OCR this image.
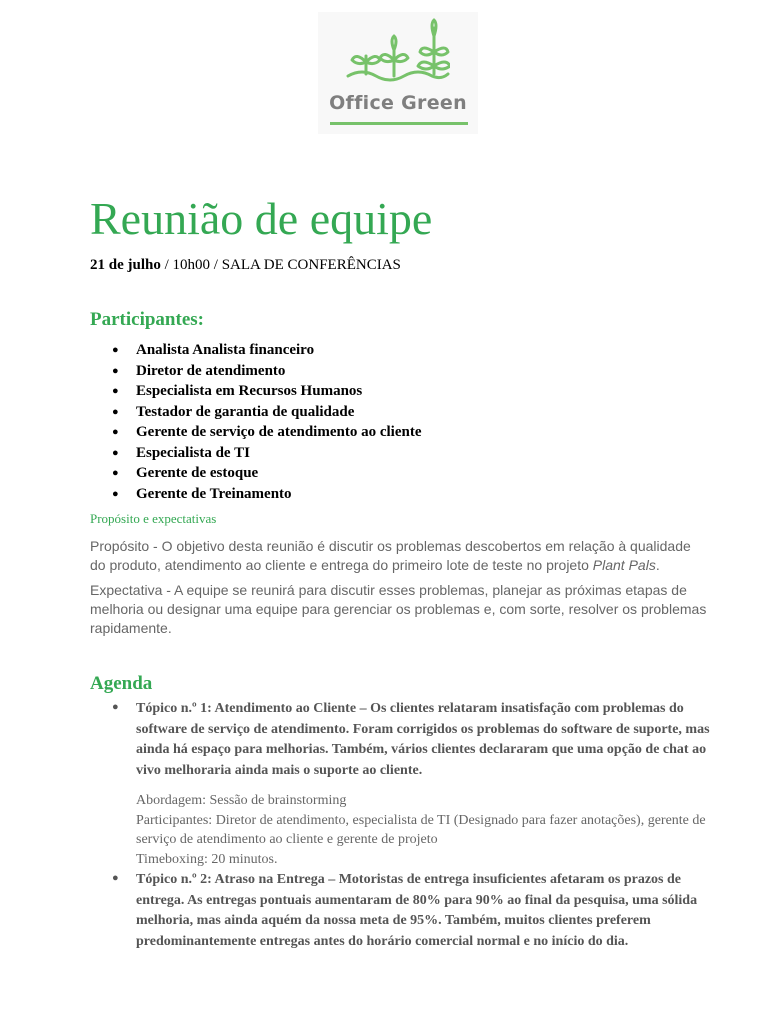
Office Green
Reunião de equipe
21 de julho / 10h00 / SALA DE CONFERÊNCIAS
Participantes:
● Analista Analista financeiro
● Diretor de atendimento
● Especialista em Recursos Humanos
● Testador de garantia de qualidade
● Gerente de serviço de atendimento ao cliente
● Especialista de TI
● Gerente de estoque
● Gerente de Treinamento
Propósito e expectativas
Propósito - O objetivo desta reunião é discutir os problemas descobertos em relação à qualidade do produto, atendimento ao cliente e entrega do primeiro lote de teste no projeto Plant Pals.
Expectativa - A equipe se reunirá para discutir esses problemas, planejar as próximas etapas de melhoria ou designar uma equipe para gerenciar os problemas e, com sorte, resolver os problemas rapidamente.
Agenda
● Tópico n.º 1: Atendimento ao Cliente – Os clientes relataram insatisfação com problemas do software de serviço de atendimento. Foram corrigidos os problemas do software de suporte, mas ainda há espaço para melhorias. Também, vários clientes declararam que uma opção de chat ao vivo melhoraria ainda mais o suporte ao cliente.
Abordagem: Sessão de brainstorming
Participantes: Diretor de atendimento, especialista de TI (Designado para fazer anotações), gerente de serviço de atendimento ao cliente e gerente de projeto
Timeboxing: 20 minutos.
● Tópico n.º 2: Atraso na Entrega – Motoristas de entrega insuficientes afetaram os prazos de entrega. As entregas pontuais aumentaram de 80% para 90% ao final da pesquisa, uma sólida melhoria, mas ainda aquém da nossa meta de 95%. Também, muitos clientes preferem predominantemente entregas antes do horário comercial normal e no início do dia.
